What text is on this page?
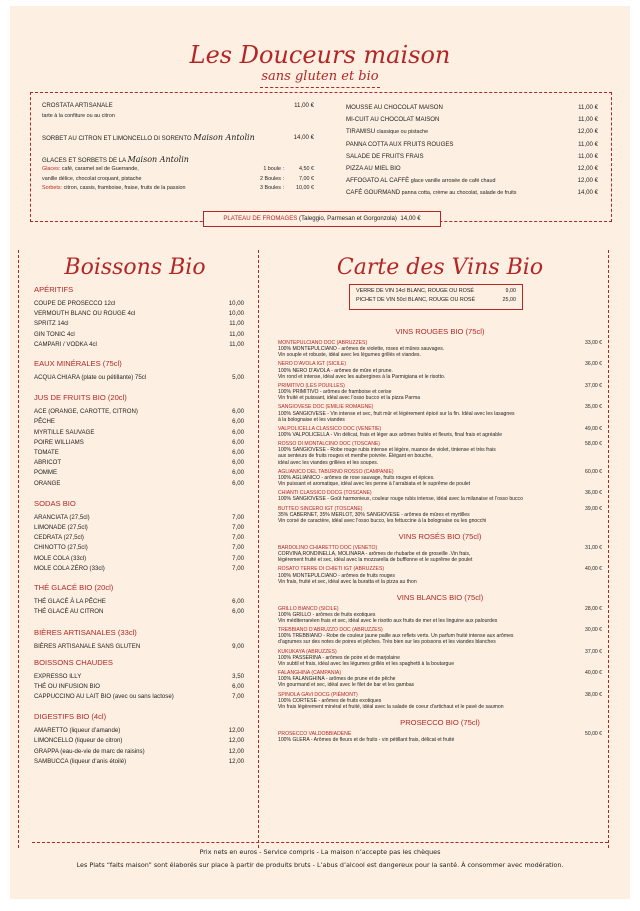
Les Douceurs maison
sans gluten et bio
CROSTATA ARTISANALE	11,00 €
tarte à la confiture ou au citron
SORBET AU CITRON ET LIMONCELLO DI SORENTO Maison Antolin	14,00 €
GLACES ET SORBETS DE LA Maison Antolin
Glaces: café, caramel sel de Guerrande,	1 boule :	4,50 €
vanille délice, chocolat croquant, pistache	2 Boules :	7,00 €
Sorbets: citron, cassis, framboise, fraise, fruits de la passion	3 Boules :	10,00 €
MOUSSE AU CHOCOLAT MAISON	11,00 €
MI-CUIT AU CHOCOLAT MAISON	11,00 €
TIRAMISU classique ou pistache	12,00 €
PANNA COTTA AUX FRUITS ROUGES	11,00 €
SALADE DE FRUITS FRAIS	11,00 €
PIZZA AU MIEL BIO	12,00 €
AFFOGATO AL CAFFÈ glace vanille arrosée de café chaud	12,00 €
CAFÉ GOURMAND panna cotta, crème au chocolat, salade de fruits	14,00 €
PLATEAU DE FROMAGES (Taleggio, Parmesan et Gorgonzola) 14,00 €
Boissons Bio
APÉRITIFS
COUPE DE PROSECCO 12cl	10,00
VERMOUTH BLANC OU ROUGE 4cl	10,00
SPRITZ 14cl	11,00
GIN TONIC 4cl	11,00
CAMPARI / VODKA 4cl	11,00
EAUX MINÉRALES (75cl)
ACQUA CHIARA (plate ou pétillante) 75cl	5,00
JUS DE FRUITS BIO (20cl)
ACE (ORANGE, CAROTTE, CITRON)	6,00
PÊCHE	6,00
MYRTILLE SAUVAGE	6,00
POIRE WILLIAMS	6,00
TOMATE	6,00
ABRICOT	6,00
POMME	6,00
ORANGE	6,00
SODAS BIO
ARANCIATA (27,5cl)	7,00
LIMONADE (27,5cl)	7,00
CEDRATA (27,5cl)	7,00
CHINOTTO (27,5cl)	7,00
MOLE COLA (33cl)	7,00
MOLE COLA ZÉRO (33cl)	7,00
THÉ GLACÉ BIO (20cl)
THÉ GLACÉ À LA PÊCHE	6,00
THÉ GLACÉ AU CITRON	6,00
BIÈRES ARTISANALES (33cl)
BIÈRES ARTISANALE SANS GLUTEN	9,00
BOISSONS CHAUDES
EXPRESSO ILLY	3,50
THÉ OU INFUSION BIO	6,00
CAPPUCCINO AU LAIT BIO (avec ou sans lactose)	7,00
DIGESTIFS BIO (4cl)
AMARETTO (liqueur d’amande)	12,00
LIMONCELLO (liqueur de citron)	12,00
GRAPPA (eau-de-vie de marc de raisins)	12,00
SAMBUCCA (liqueur d’anis étoilé)	12,00
Carte des Vins Bio
VERRE DE VIN 14cl BLANC, ROUGE OU ROSÉ	9,00
PICHET DE VIN 50cl BLANC, ROUGE OU ROSÉ	25,00
VINS ROUGES BIO (75cl)
MONTEPULCIANO DOC (ABRUZZES)	33,00 €
100% MONTEPULCIANO - arômes de violette, roses et mûres sauvages.
Vin souple et robuste, idéal avec les légumes grillés et viandes.
NERO D’AVOLA IGT (SICILE)	36,00 €
100% NERO D’AVOLA - arômes de mûre et prune.
Vin rond et intense, idéal avec les aubergines à la Parmigiana et le risotto.
PRIMITIVO (LES POUILLES)	37,00 €
100% PRIMITIVO - arômes de framboise et cerise
Vin fruité et puissant, idéal avec l’osso bucco et la pizza Parma
SANGIOVESE DOC (EMILIE ROMAGNE)	35,00 €
100% SANGIOVESE - Vin intense et sec, fruit mûr et légèrement épicé sur la fin. Idéal avec les lasagnes
à la bolognaise et les viandes
VALPOLICELLA CLASSICO DOC (VENETIE)	49,00 €
100% VALPOLICELLA - Vin délicat, frais et léger aux arômes fruités et fleuris, final frais et agréable
ROSSO DI MONTALCINO DOC (TOSCANE)	58,00 €
100% SANGIOVESE - Robe rouge rubis intense et légère, nuance de violet, tintense et très frais
aux senteurs de fruits rouges et menthe poivrée. Élégant en bouche,
idéal avec les viandes grillées et les soupes.
AGLIANICO DEL TABURNO ROSSO (CAMPANIE)	60,00 €
100% AGLIANICO - arômes de rose sauvage, fruits rouges et épices.
Vin puissant et aromatique, idéal avec les penne à l’arrabiata et le suprême de poulet
CHIANTI CLASSICO DOCG (TOSCANE)	36,00 €
100% SANGIOVESE - Goût harmonieux, couleur rouge rubis intense, idéal avec la milanaise et l’osso bucco
BUTTEO SINCERO IGT (TOSCANE)	39,00 €
35% CABERNET, 35% MERLOT, 30% SANGIOVESE - arômes de mûres et myrtilles
Vin corsé de caractère, idéal avec l’osso bucco, les fettuccine à la bolognaise ou les gnocchi
VINS ROSÉS BIO (75cl)
BARDOLINO CHIARETTO DOC (VENETO)	31,00 €
CORVINA,RONDINELLA, MOLINARA - arômes de rhubarbe et de groseille .Vin frais,
légèrement fruité et sec, idéal avec la mozzarella de bufflonne et le suprême de poulet
ROSATO TERRE DI CHIETI IGT (ABRUZZES)	40,00 €
100% MONTEPULCIANO - arômes de fruits rouges
Vin frais, fruité et sec, idéal avec la buratta et la pizza au thon
VINS BLANCS BIO (75cl)
GRILLO BIANCO (SICILE)	28,00 €
100% GRILLO - arômes de fruits exotiques
Vin méditerranéen frais et sec, idéal avec le risotto aux fruits de mer et les linguine aux palourdes
TREBBIANO D’ABRUZZO DOC (ABRUZZES)	30,00 €
100% TREBBIANO - Robe de couleur jaune paille aux reflets verts. Un parfum fruité intense aux arômes
d’agrumes sur des notes de poires et pêches. Très bien sur les poissons et les viandes blanches
KUKUKAYA (ABRUZZES)	37,00 €
100% PASSERINA - arômes de poire et de marjolaine
Vin subtil et frais, idéal avec les légumes grillés et les spaghetti à la boutargue
FALANGHINA (CAMPANIA)	40,00 €
100% FALANGHINA - arômes de prune et de pêche
Vin gourmand et sec, idéal avec le filet de bar et les gambas
SPINOLA GAVI DOCG (PIÉMONT)	38,00 €
100% CORTESE - arômes de fruits exotiques
Vin frais légèrement minéral et fruité, idéal avec la salade de coeur d’artichaut et le pavé de saumon
PROSECCO BIO (75cl)
PROSECCO VALDOBBIADENE	50,00 €
100% GLERA - Arômes de fleurs et de fruits - vin pétillant frais, délicat et fruité
Prix nets en euros - Service compris - La maison n’accepte pas les chèques
Les Plats “faits maison” sont élaborés sur place à partir de produits bruts - L’abus d’alcool est dangereux pour la santé. À consommer avec modération.
